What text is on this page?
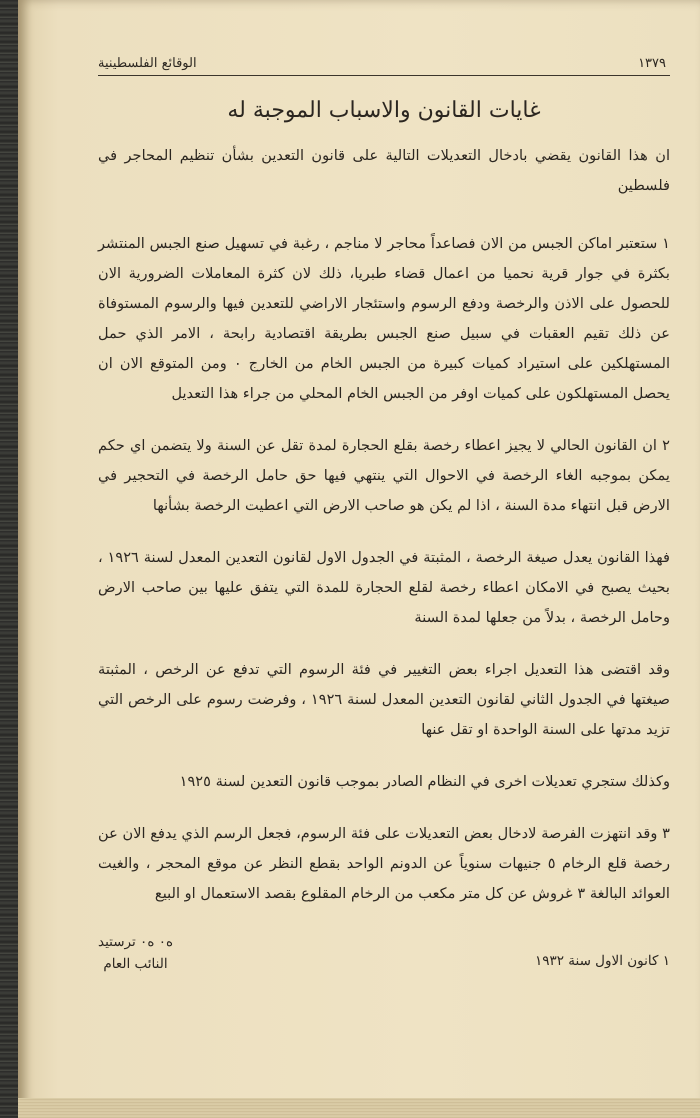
١٣٧٩
الوقائع الفلسطينية
غايات القانون والاسباب الموجبة له

ان هذا القانون يقضي بادخال التعديلات التالية على قانون التعدين بشأن تنظيم المحاجر في فلسطين

١ ستعتبر اماكن الجبس من الان فصاعداً محاجر لا مناجم ، رغبة في تسهيل صنع الجبس المنتشر بكثرة في جوار قرية نحميا من اعمال قضاء طبريا، ذلك لان كثرة المعاملات الضرورية الان للحصول على الاذن والرخصة ودفع الرسوم واستئجار الاراضي للتعدين فيها والرسوم المستوفاة عن ذلك تقيم العقبات في سبيل صنع الجبس بطريقة اقتصادية رابحة ، الامر الذي حمل المستهلكين على استيراد كميات كبيرة من الجبس الخام من الخارج ٠ ومن المتوقع الان ان يحصل المستهلكون على كميات اوفر من الجبس الخام المحلي من جراء هذا التعديل

٢ ان القانون الحالي لا يجيز اعطاء رخصة بقلع الحجارة لمدة تقل عن السنة ولا يتضمن اي حكم يمكن بموجبه الغاء الرخصة في الاحوال التي ينتهي فيها حق حامل الرخصة في التحجير في الارض قبل انتهاء مدة السنة ، اذا لم يكن هو صاحب الارض التي اعطيت الرخصة بشأنها

فهذا القانون يعدل صيغة الرخصة ، المثبتة في الجدول الاول لقانون التعدين المعدل لسنة ١٩٢٦ ، بحيث يصبح في الامكان اعطاء رخصة لقلع الحجارة للمدة التي يتفق عليها بين صاحب الارض وحامل الرخصة ، بدلاً من جعلها لمدة السنة

وقد اقتضى هذا التعديل اجراء بعض التغيير في فئة الرسوم التي تدفع عن الرخص ، المثبتة صيغتها في الجدول الثاني لقانون التعدين المعدل لسنة ١٩٢٦ ، وفرضت رسوم على الرخص التي تزيد مدتها على السنة الواحدة او تقل عنها

وكذلك ستجري تعديلات اخرى في النظام الصادر بموجب قانون التعدين لسنة ١٩٢٥

٣ وقد انتهزت الفرصة لادخال بعض التعديلات على فئة الرسوم، فجعل الرسم الذي يدفع الان عن رخصة قلع الرخام ٥ جنيهات سنوياً عن الدونم الواحد بقطع النظر عن موقع المحجر ، والغيت العوائد البالغة ٣ غروش عن كل متر مكعب من الرخام المقلوع بقصد الاستعمال او البيع

١ كانون الاول سنة ١٩٣٢
ه٠ ه٠ ترستيد
النائب العام
